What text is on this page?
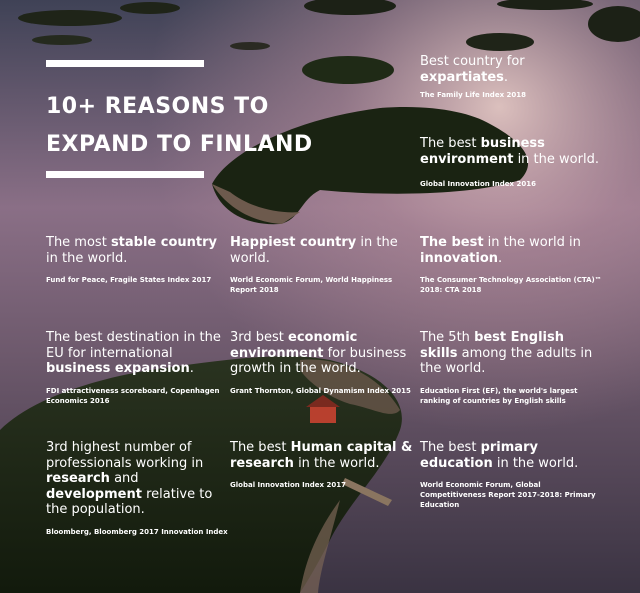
10+ REASONS TO
EXPAND TO FINLAND
Best country for expartiates.
The Family Life Index 2018
The best business environment in the world.
Global Innovation Index 2016
The most stable country in the world.
Fund for Peace, Fragile States Index 2017
Happiest country in the world.
World Economic Forum, World Happiness Report 2018
The best in the world in innovation.
The Consumer Technology Association (CTA)™ 2018: CTA 2018
The best destination in the EU for international business expansion.
FDI attractiveness scoreboard, Copenhagen Economics 2016
3rd best economic environment for business growth in the world.
Grant Thornton, Global Dynamism Index 2015
The 5th best English skills among the adults in the world.
Education First (EF), the world's largest ranking of countries by English skills
3rd highest number of professionals working in research and development relative to the population.
Bloomberg, Bloomberg 2017 Innovation Index
The best Human capital & research in the world.
Global Innovation Index 2017
The best primary education in the world.
World Economic Forum, Global Competitiveness Report 2017-2018: Primary Education
